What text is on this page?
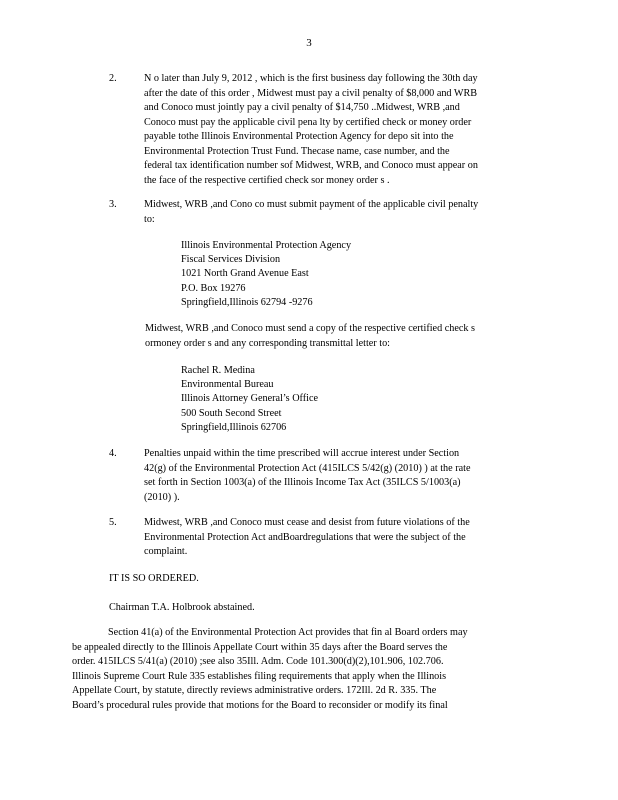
3
2.	N o later than July 9, 2012 , which is the first business day following the 30th day
after the date of this order , Midwest must pay a civil penalty of $8,000 and WRB
and Conoco must jointly pay a civil penalty of $14,750 ..Midwest, WRB ,and
Conoco must pay the applicable civil pena lty by certified check or money order
payable tothe Illinois Environmental Protection Agency for depo sit into the
Environmental Protection Trust Fund. Thecase name, case number, and the
federal tax identification number sof Midwest, WRB, and Conoco must appear on
the face of the respective certified check sor money order s .
3.	Midwest, WRB ,and Cono co must submit payment of the applicable civil penalty
to:
Illinois Environmental Protection Agency
Fiscal Services Division
1021 North Grand Avenue East
P.O. Box 19276
Springfield,Illinois 62794 -9276
Midwest, WRB ,and Conoco must send a copy of the respective certified check s
ormoney order s and any corresponding transmittal letter to:
Rachel R. Medina
Environmental Bureau
Illinois Attorney General’s Office
500 South Second Street
Springfield,Illinois 62706
4.	Penalties unpaid within the time prescribed will accrue interest under Section
42(g) of the Environmental Protection Act (415ILCS 5/42(g) (2010) ) at the rate
set forth in Section 1003(a) of the Illinois Income Tax Act (35ILCS 5/1003(a)
(2010) ).
5.	Midwest, WRB ,and Conoco must cease and desist from future violations of the
Environmental Protection Act andBoardregulations that were the subject of the
complaint.
IT IS SO ORDERED.
Chairman T.A. Holbrook abstained.
Section 41(a) of the Environmental Protection Act provides that fin al Board orders may
be appealed directly to the Illinois Appellate Court within 35 days after the Board serves the
order. 415ILCS 5/41(a) (2010) ;see also 35Ill. Adm. Code 101.300(d)(2),101.906, 102.706.
Illinois Supreme Court Rule 335 establishes filing requirements that apply when the Illinois
Appellate Court, by statute, directly reviews administrative orders. 172Ill. 2d R. 335. The
Board’s procedural rules provide that motions for the Board to reconsider or modify its final
